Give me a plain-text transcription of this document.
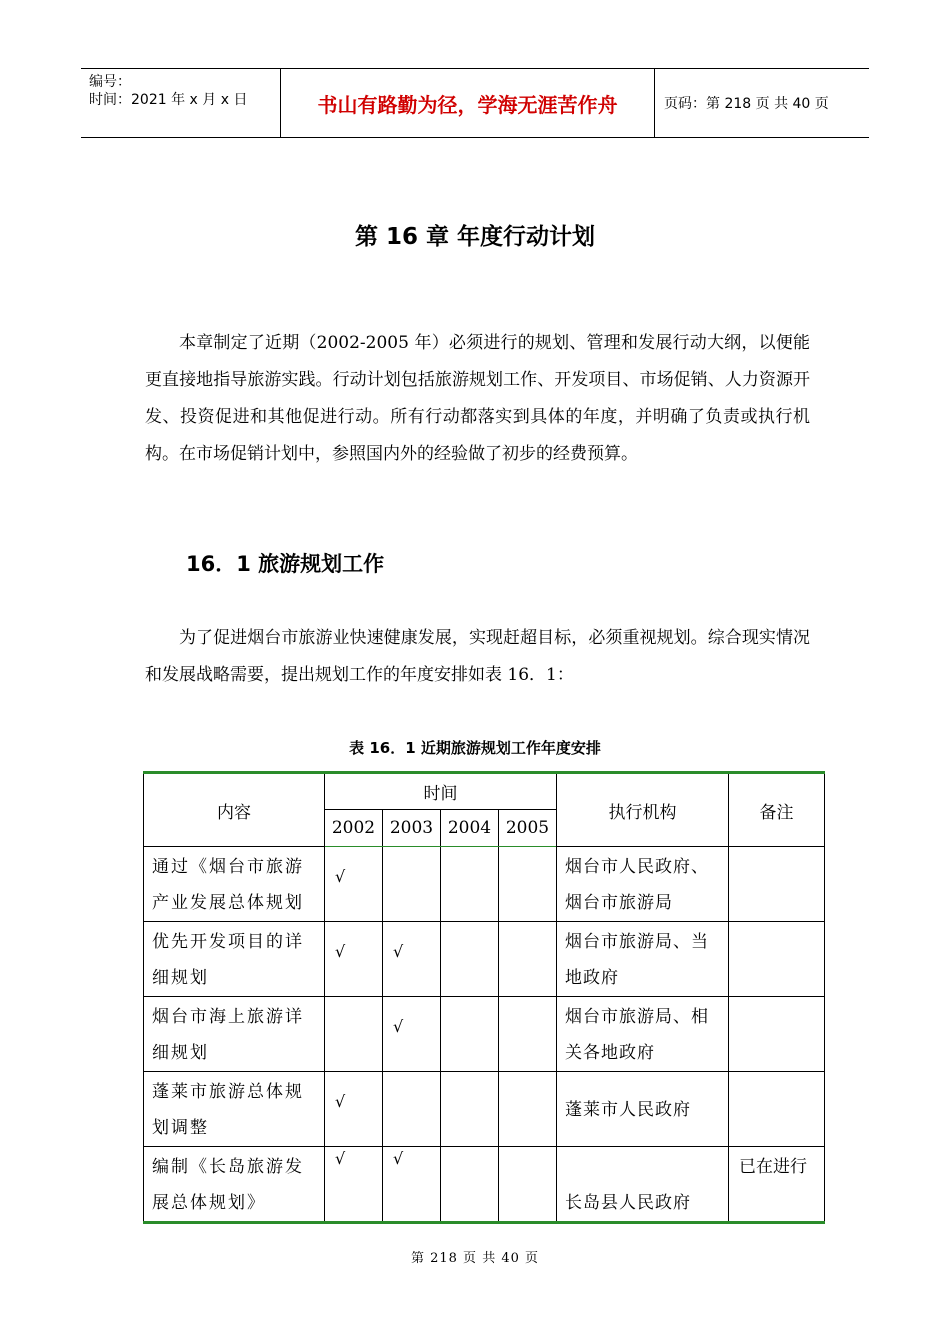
编号：
时间：2021 年 x 月 x 日	书山有路勤为径，学海无涯苦作舟	页码：第 218 页 共 40 页
第 16 章 年度行动计划
本章制定了近期（2002-2005 年）必须进行的规划、管理和发展行动大纲，以便能更直接地指导旅游实践。行动计划包括旅游规划工作、开发项目、市场促销、人力资源开发、投资促进和其他促进行动。所有行动都落实到具体的年度，并明确了负责或执行机构。在市场促销计划中，参照国内外的经验做了初步的经费预算。
16．1 旅游规划工作
为了促进烟台市旅游业快速健康发展，实现赶超目标，必须重视规划。综合现实情况和发展战略需要，提出规划工作的年度安排如表 16．1：
表 16．1 近期旅游规划工作年度安排
内容	时间				执行机构	备注
	2002	2003	2004	2005		
通过《烟台市旅游产业发展总体规划	√				烟台市人民政府、烟台市旅游局	
优先开发项目的详细规划	√	√			烟台市旅游局、当地政府	
烟台市海上旅游详细规划		√			烟台市旅游局、相关各地政府	
蓬莱市旅游总体规划调整	√				蓬莱市人民政府	
编制《长岛旅游发展总体规划》	√	√			长岛县人民政府	已在进行
第 218 页 共 40 页
